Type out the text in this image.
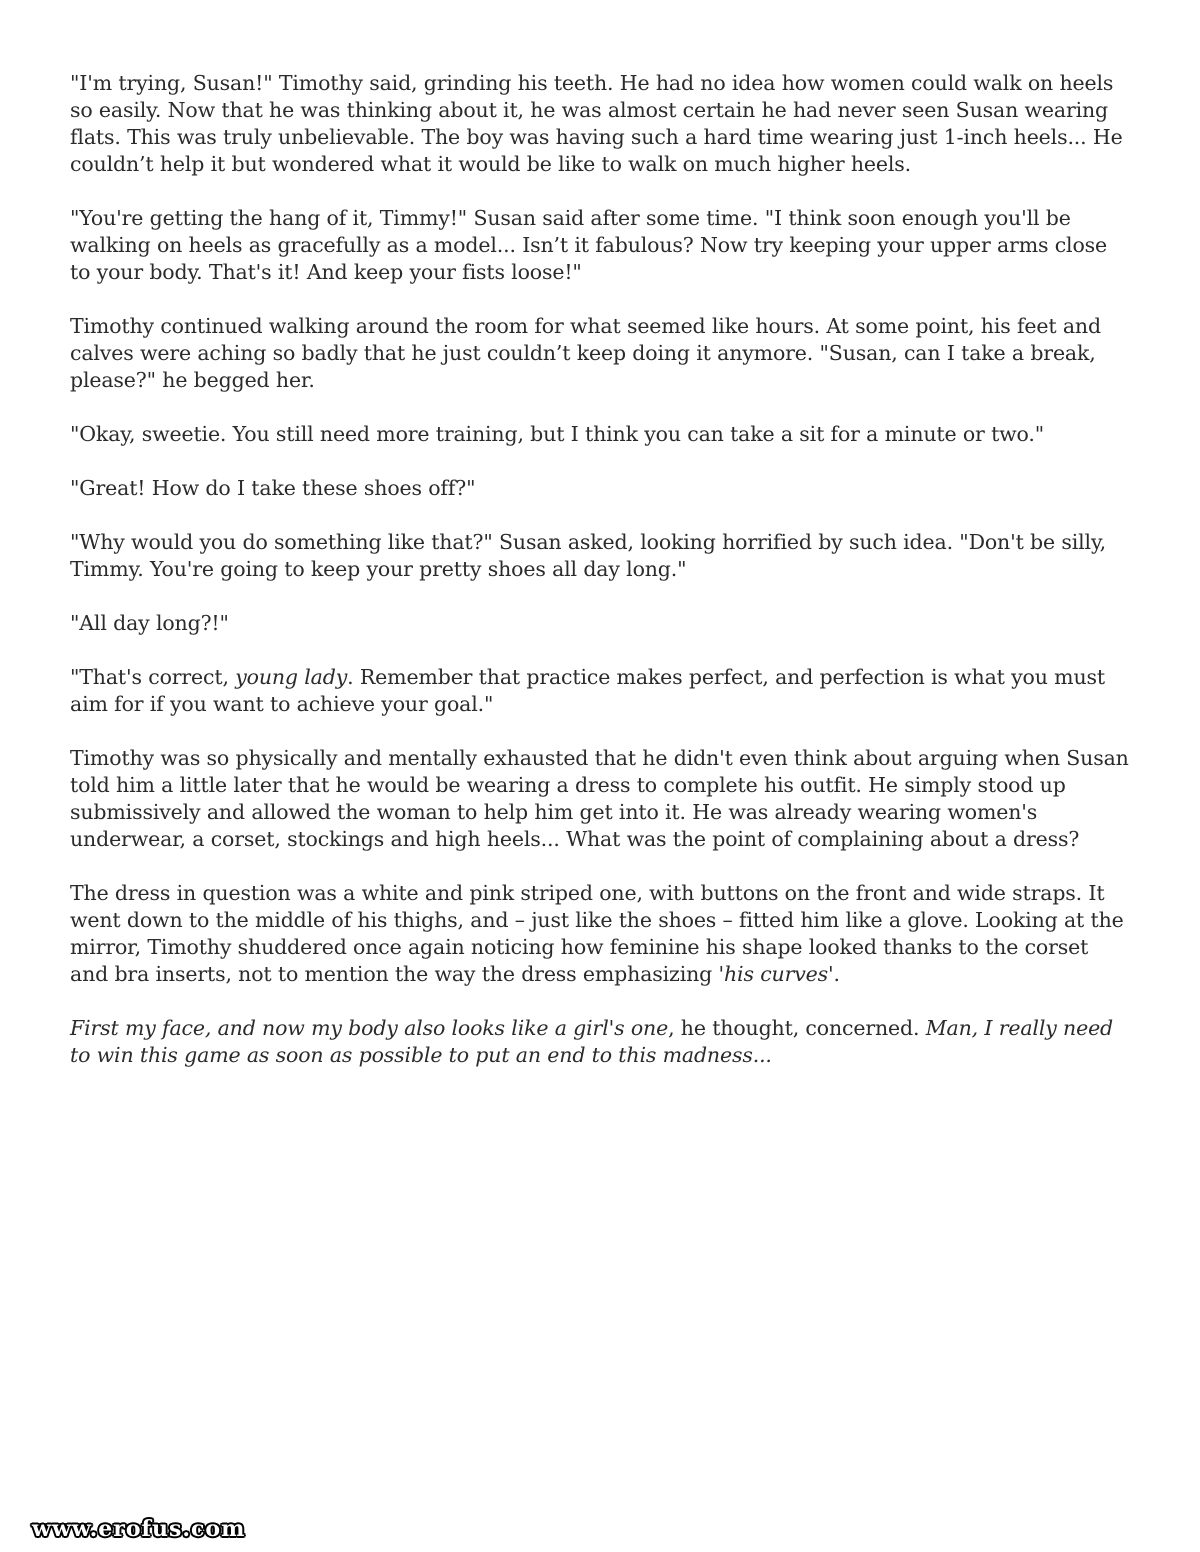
"I'm trying, Susan!" Timothy said, grinding his teeth. He had no idea how women could walk on heels so easily. Now that he was thinking about it, he was almost certain he had never seen Susan wearing flats. This was truly unbelievable. The boy was having such a hard time wearing just 1-inch heels... He couldn’t help it but wondered what it would be like to walk on much higher heels.

"You're getting the hang of it, Timmy!" Susan said after some time. "I think soon enough you'll be walking on heels as gracefully as a model... Isn’t it fabulous? Now try keeping your upper arms close to your body. That's it! And keep your fists loose!"

Timothy continued walking around the room for what seemed like hours. At some point, his feet and calves were aching so badly that he just couldn’t keep doing it anymore. "Susan, can I take a break, please?" he begged her.

"Okay, sweetie. You still need more training, but I think you can take a sit for a minute or two."

"Great! How do I take these shoes off?"

"Why would you do something like that?" Susan asked, looking horrified by such idea. "Don't be silly, Timmy. You're going to keep your pretty shoes all day long."

"All day long?!"

"That's correct, young lady. Remember that practice makes perfect, and perfection is what you must aim for if you want to achieve your goal."

Timothy was so physically and mentally exhausted that he didn't even think about arguing when Susan told him a little later that he would be wearing a dress to complete his outfit. He simply stood up submissively and allowed the woman to help him get into it. He was already wearing women's underwear, a corset, stockings and high heels... What was the point of complaining about a dress?

The dress in question was a white and pink striped one, with buttons on the front and wide straps. It went down to the middle of his thighs, and – just like the shoes – fitted him like a glove. Looking at the mirror, Timothy shuddered once again noticing how feminine his shape looked thanks to the corset and bra inserts, not to mention the way the dress emphasizing 'his curves'.

First my face, and now my body also looks like a girl's one, he thought, concerned. Man, I really need to win this game as soon as possible to put an end to this madness...

www.erofus.com
